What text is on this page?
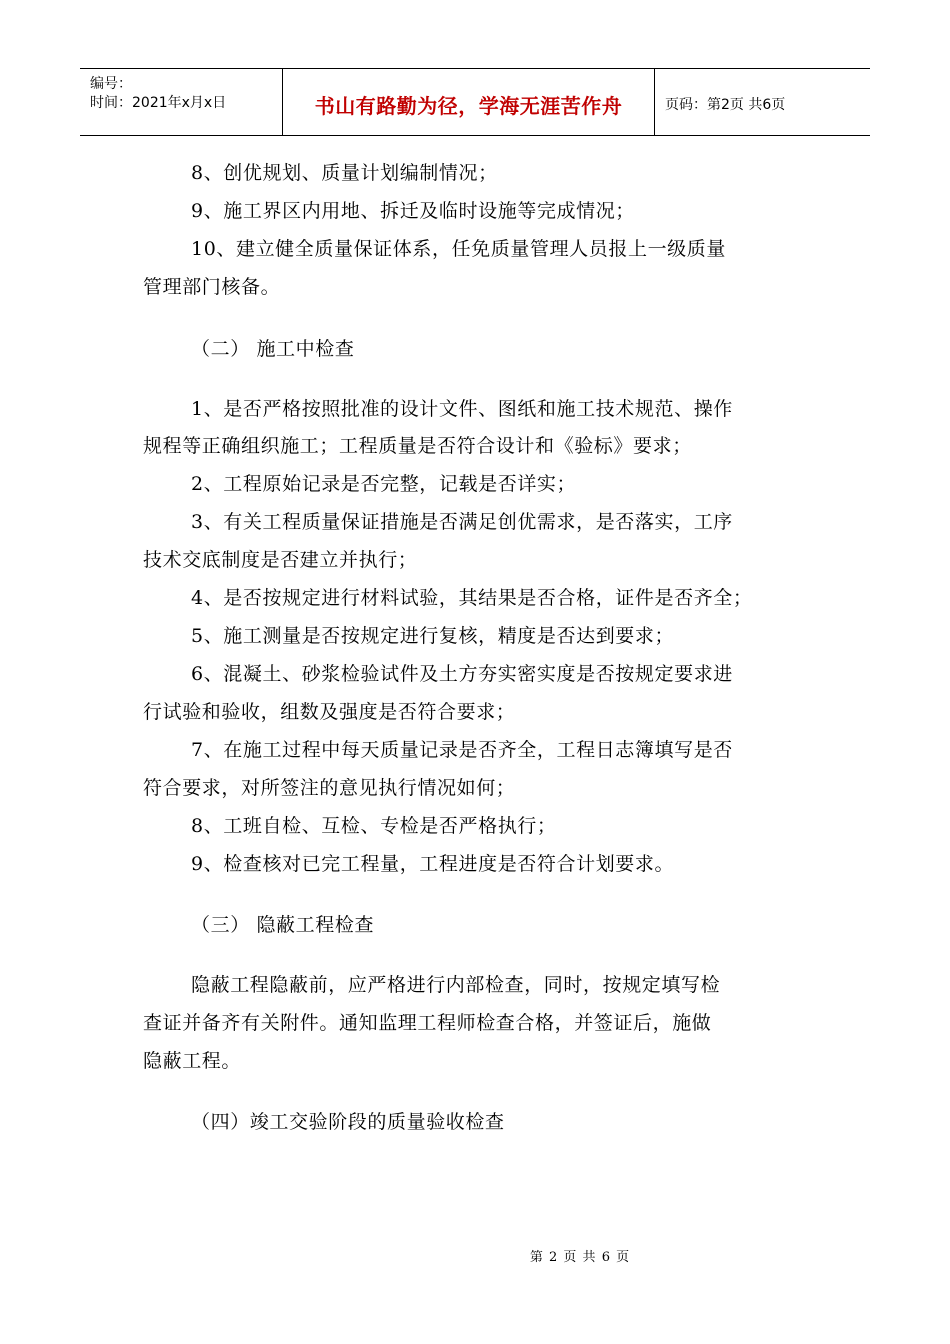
编号：
时间：2021年x月x日	书山有路勤为径，学海无涯苦作舟	页码：第2页 共6页
8、创优规划、质量计划编制情况；
9、施工界区内用地、拆迁及临时设施等完成情况；
10、建立健全质量保证体系，任免质量管理人员报上一级质量
管理部门核备。
（二） 施工中检查
1、是否严格按照批准的设计文件、图纸和施工技术规范、操作
规程等正确组织施工；工程质量是否符合设计和《验标》要求；
2、工程原始记录是否完整，记载是否详实；
3、有关工程质量保证措施是否满足创优需求，是否落实，工序
技术交底制度是否建立并执行；
4、是否按规定进行材料试验，其结果是否合格，证件是否齐全；
5、施工测量是否按规定进行复核，精度是否达到要求；
6、混凝土、砂浆检验试件及土方夯实密实度是否按规定要求进
行试验和验收，组数及强度是否符合要求；
7、在施工过程中每天质量记录是否齐全，工程日志簿填写是否
符合要求，对所签注的意见执行情况如何；
8、工班自检、互检、专检是否严格执行；
9、检查核对已完工程量，工程进度是否符合计划要求。
（三） 隐蔽工程检查
隐蔽工程隐蔽前，应严格进行内部检查，同时，按规定填写检
查证并备齐有关附件。通知监理工程师检查合格，并签证后，施做
隐蔽工程。
（四）竣工交验阶段的质量验收检查
第 2 页 共 6 页
